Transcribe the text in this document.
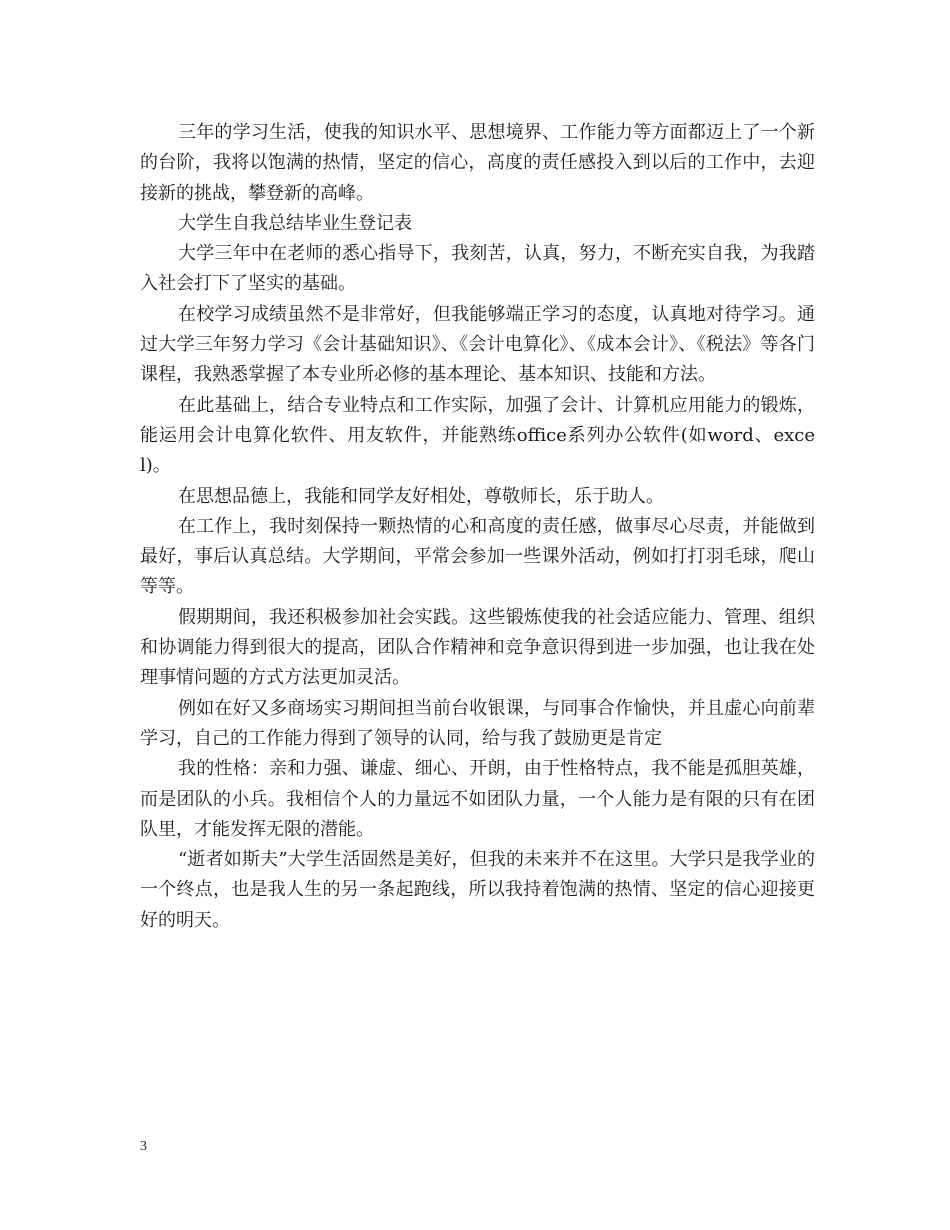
三年的学习生活，使我的知识水平、思想境界、工作能力等方面都迈上了一个新的台阶，我将以饱满的热情，坚定的信心，高度的责任感投入到以后的工作中，去迎接新的挑战，攀登新的高峰。

大学生自我总结毕业生登记表

大学三年中在老师的悉心指导下，我刻苦，认真，努力，不断充实自我，为我踏入社会打下了坚实的基础。

在校学习成绩虽然不是非常好，但我能够端正学习的态度，认真地对待学习。通过大学三年努力学习《会计基础知识》、《会计电算化》、《成本会计》、《税法》等各门课程，我熟悉掌握了本专业所必修的基本理论、基本知识、技能和方法。

在此基础上，结合专业特点和工作实际，加强了会计、计算机应用能力的锻炼，能运用会计电算化软件、用友软件，并能熟练office系列办公软件(如word、excel)。

在思想品德上，我能和同学友好相处，尊敬师长，乐于助人。

在工作上，我时刻保持一颗热情的心和高度的责任感，做事尽心尽责，并能做到最好，事后认真总结。大学期间，平常会参加一些课外活动，例如打打羽毛球，爬山等等。

假期期间，我还积极参加社会实践。这些锻炼使我的社会适应能力、管理、组织和协调能力得到很大的提高，团队合作精神和竞争意识得到进一步加强，也让我在处理事情问题的方式方法更加灵活。

例如在好又多商场实习期间担当前台收银课，与同事合作愉快，并且虚心向前辈学习，自己的工作能力得到了领导的认同，给与我了鼓励更是肯定

我的性格：亲和力强、谦虚、细心、开朗，由于性格特点，我不能是孤胆英雄，而是团队的小兵。我相信个人的力量远不如团队力量，一个人能力是有限的只有在团队里，才能发挥无限的潜能。

“逝者如斯夫”大学生活固然是美好，但我的未来并不在这里。大学只是我学业的一个终点，也是我人生的另一条起跑线，所以我持着饱满的热情、坚定的信心迎接更好的明天。

3
